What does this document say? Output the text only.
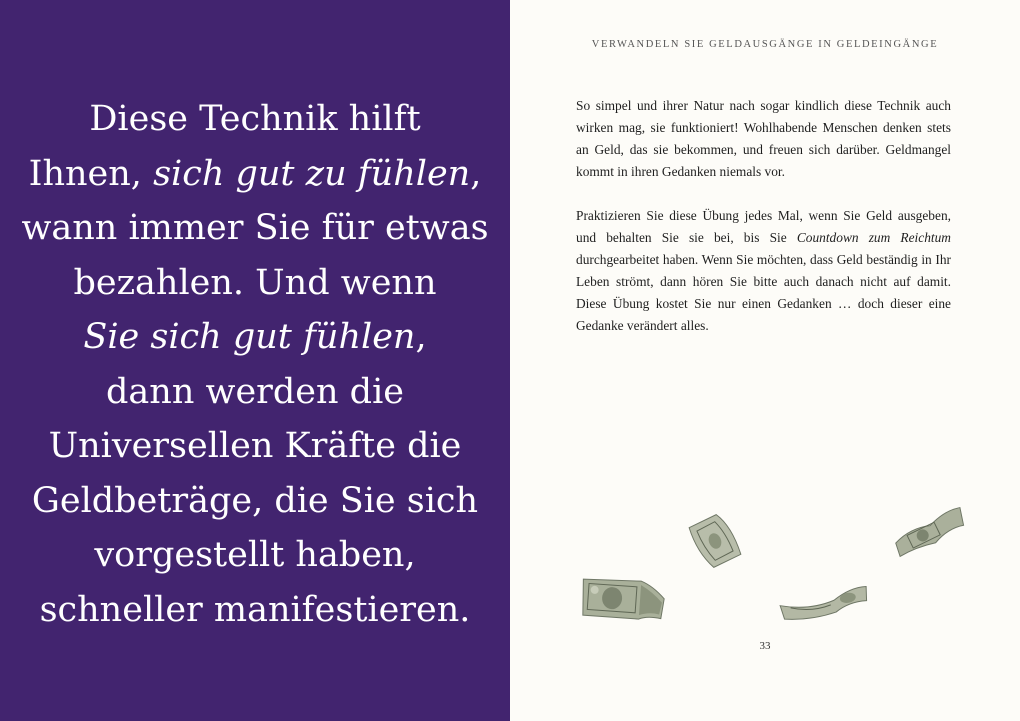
Diese Technik hilft
Ihnen, sich gut zu fühlen,
wann immer Sie für etwas
bezahlen. Und wenn
Sie sich gut fühlen,
dann werden die
Universellen Kräfte die
Geldbeträge, die Sie sich
vorgestellt haben,
schneller manifestieren.
VERWANDELN SIE GELDAUSGÄNGE IN GELDEINGÄNGE

So simpel und ihrer Natur nach sogar kindlich diese Technik auch wirken mag, sie funktioniert! Wohlhabende Menschen denken stets an Geld, das sie bekommen, und freuen sich darüber. Geldmangel kommt in ihren Gedanken niemals vor.

Praktizieren Sie diese Übung jedes Mal, wenn Sie Geld ausgeben, und behalten Sie sie bei, bis Sie Countdown zum Reichtum durchgearbeitet haben. Wenn Sie möchten, dass Geld beständig in Ihr Leben strömt, dann hören Sie bitte auch danach nicht auf damit. Diese Übung kostet Sie nur einen Gedanken … doch dieser eine Gedanke verändert alles.

33
